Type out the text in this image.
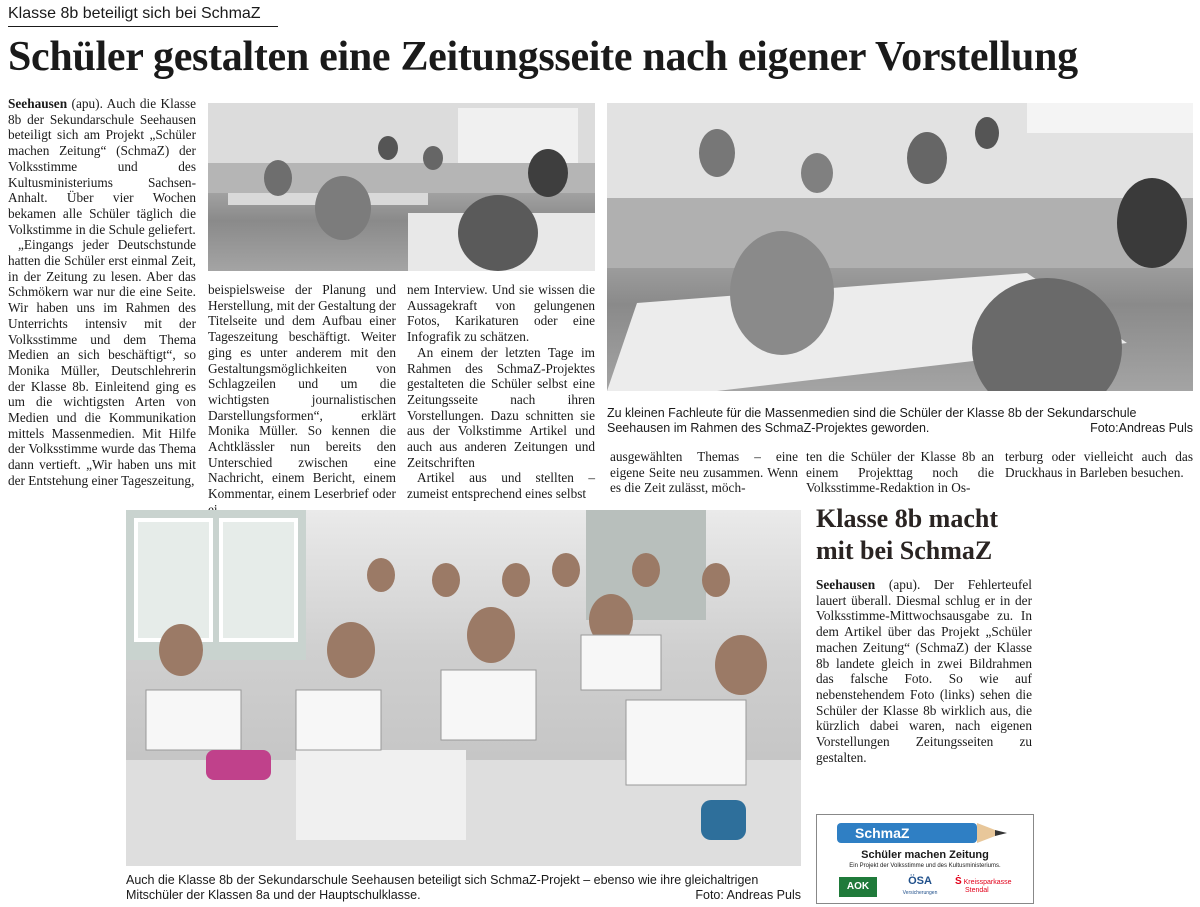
Klasse 8b beteiligt sich bei SchmaZ
Schüler gestalten eine Zeitungsseite nach eigener Vorstellung

Seehausen (apu). Auch die Klasse 8b der Sekundarschule Seehausen beteiligt sich am Projekt „Schüler machen Zeitung“ (SchmaZ) der Volksstimme und des Kultusministeriums Sachsen-Anhalt. Über vier Wochen bekamen alle Schüler täglich die Volkstimme in die Schule geliefert.

„Eingangs jeder Deutschstunde hatten die Schüler erst einmal Zeit, in der Zeitung zu lesen. Aber das Schmökern war nur die eine Seite. Wir haben uns im Rahmen des Unterrichts intensiv mit der Volksstimme und dem Thema Medien an sich beschäftigt“, so Monika Müller, Deutschlehrerin der Klasse 8b. Einleitend ging es um die wichtigsten Arten von Medien und die Kommunikation mittels Massenmedien. Mit Hilfe der Volksstimme wurde das Thema dann vertieft. „Wir haben uns mit der Entstehung einer Tageszeitung,

beispielsweise der Planung und Herstellung, mit der Gestaltung der Titelseite und dem Aufbau einer Tageszeitung beschäftigt. Weiter ging es unter anderem mit den Gestaltungsmöglichkeiten von Schlagzeilen und um die wichtigsten journalistischen Darstellungsformen“, erklärt Monika Müller. So kennen die Achtklässler nun bereits den Unterschied zwischen eine Nachricht, einem Bericht, einem Kommentar, einem Leserbrief oder

nem Interview. Und sie wissen die Aussagekraft von gelungenen Fotos, Karikaturen oder eine Infografik zu schätzen.

An einem der letzten Tage im Rahmen des SchmaZ-Projektes gestalteten die Schüler selbst eine Zeitungsseite nach ihren Vorstellungen. Dazu schnitten sie aus der Volkstimme Artikel und auch aus anderen Zeitungen und Zeitschriften

Artikel aus und stellten – zumeist entsprechend eines selbst

Zu kleinen Fachleute für die Massenmedien sind die Schüler der Klasse 8b der Sekundarschule Seehausen im Rahmen des SchmaZ-Projektes geworden.	Foto:Andreas Puls

ausgewählten Themas – eine eigene Seite neu zusammen. Wenn es die Zeit zulässt, möch-

ten die Schüler der Klasse 8b an einem Projekttag noch die Volksstimme-Redaktion in Os-

terburg oder vielleicht auch das Druckhaus in Barleben besuchen.

Auch die Klasse 8b der Sekundarschule Seehausen beteiligt sich SchmaZ-Projekt – ebenso wie ihre gleichaltrigen Mitschüler der Klassen 8a und der Hauptschulklasse.	Foto: Andreas Puls
Klasse 8b macht
mit bei SchmaZ

Seehausen (apu). Der Fehlerteufel lauert überall. Diesmal schlug er in der Volksstimme-Mittwochsausgabe zu. In dem Artikel über das Projekt „Schüler machen Zeitung“ (SchmaZ) der Klasse 8b landete gleich in zwei Bildrahmen das falsche Foto. So wie auf nebenstehendem Foto (links) sehen die Schüler der Klasse 8b wirklich aus, die kürzlich dabei waren, nach eigenen Vorstellungen Zeitungsseiten zu gestalten.

SchmaZ
Schüler machen Zeitung
Ein Projekt der Volksstimme und des Kultusministeriums.
AOK	ÖSA
Versicherungen
Ṡ Kreissparkasse
Stendal
